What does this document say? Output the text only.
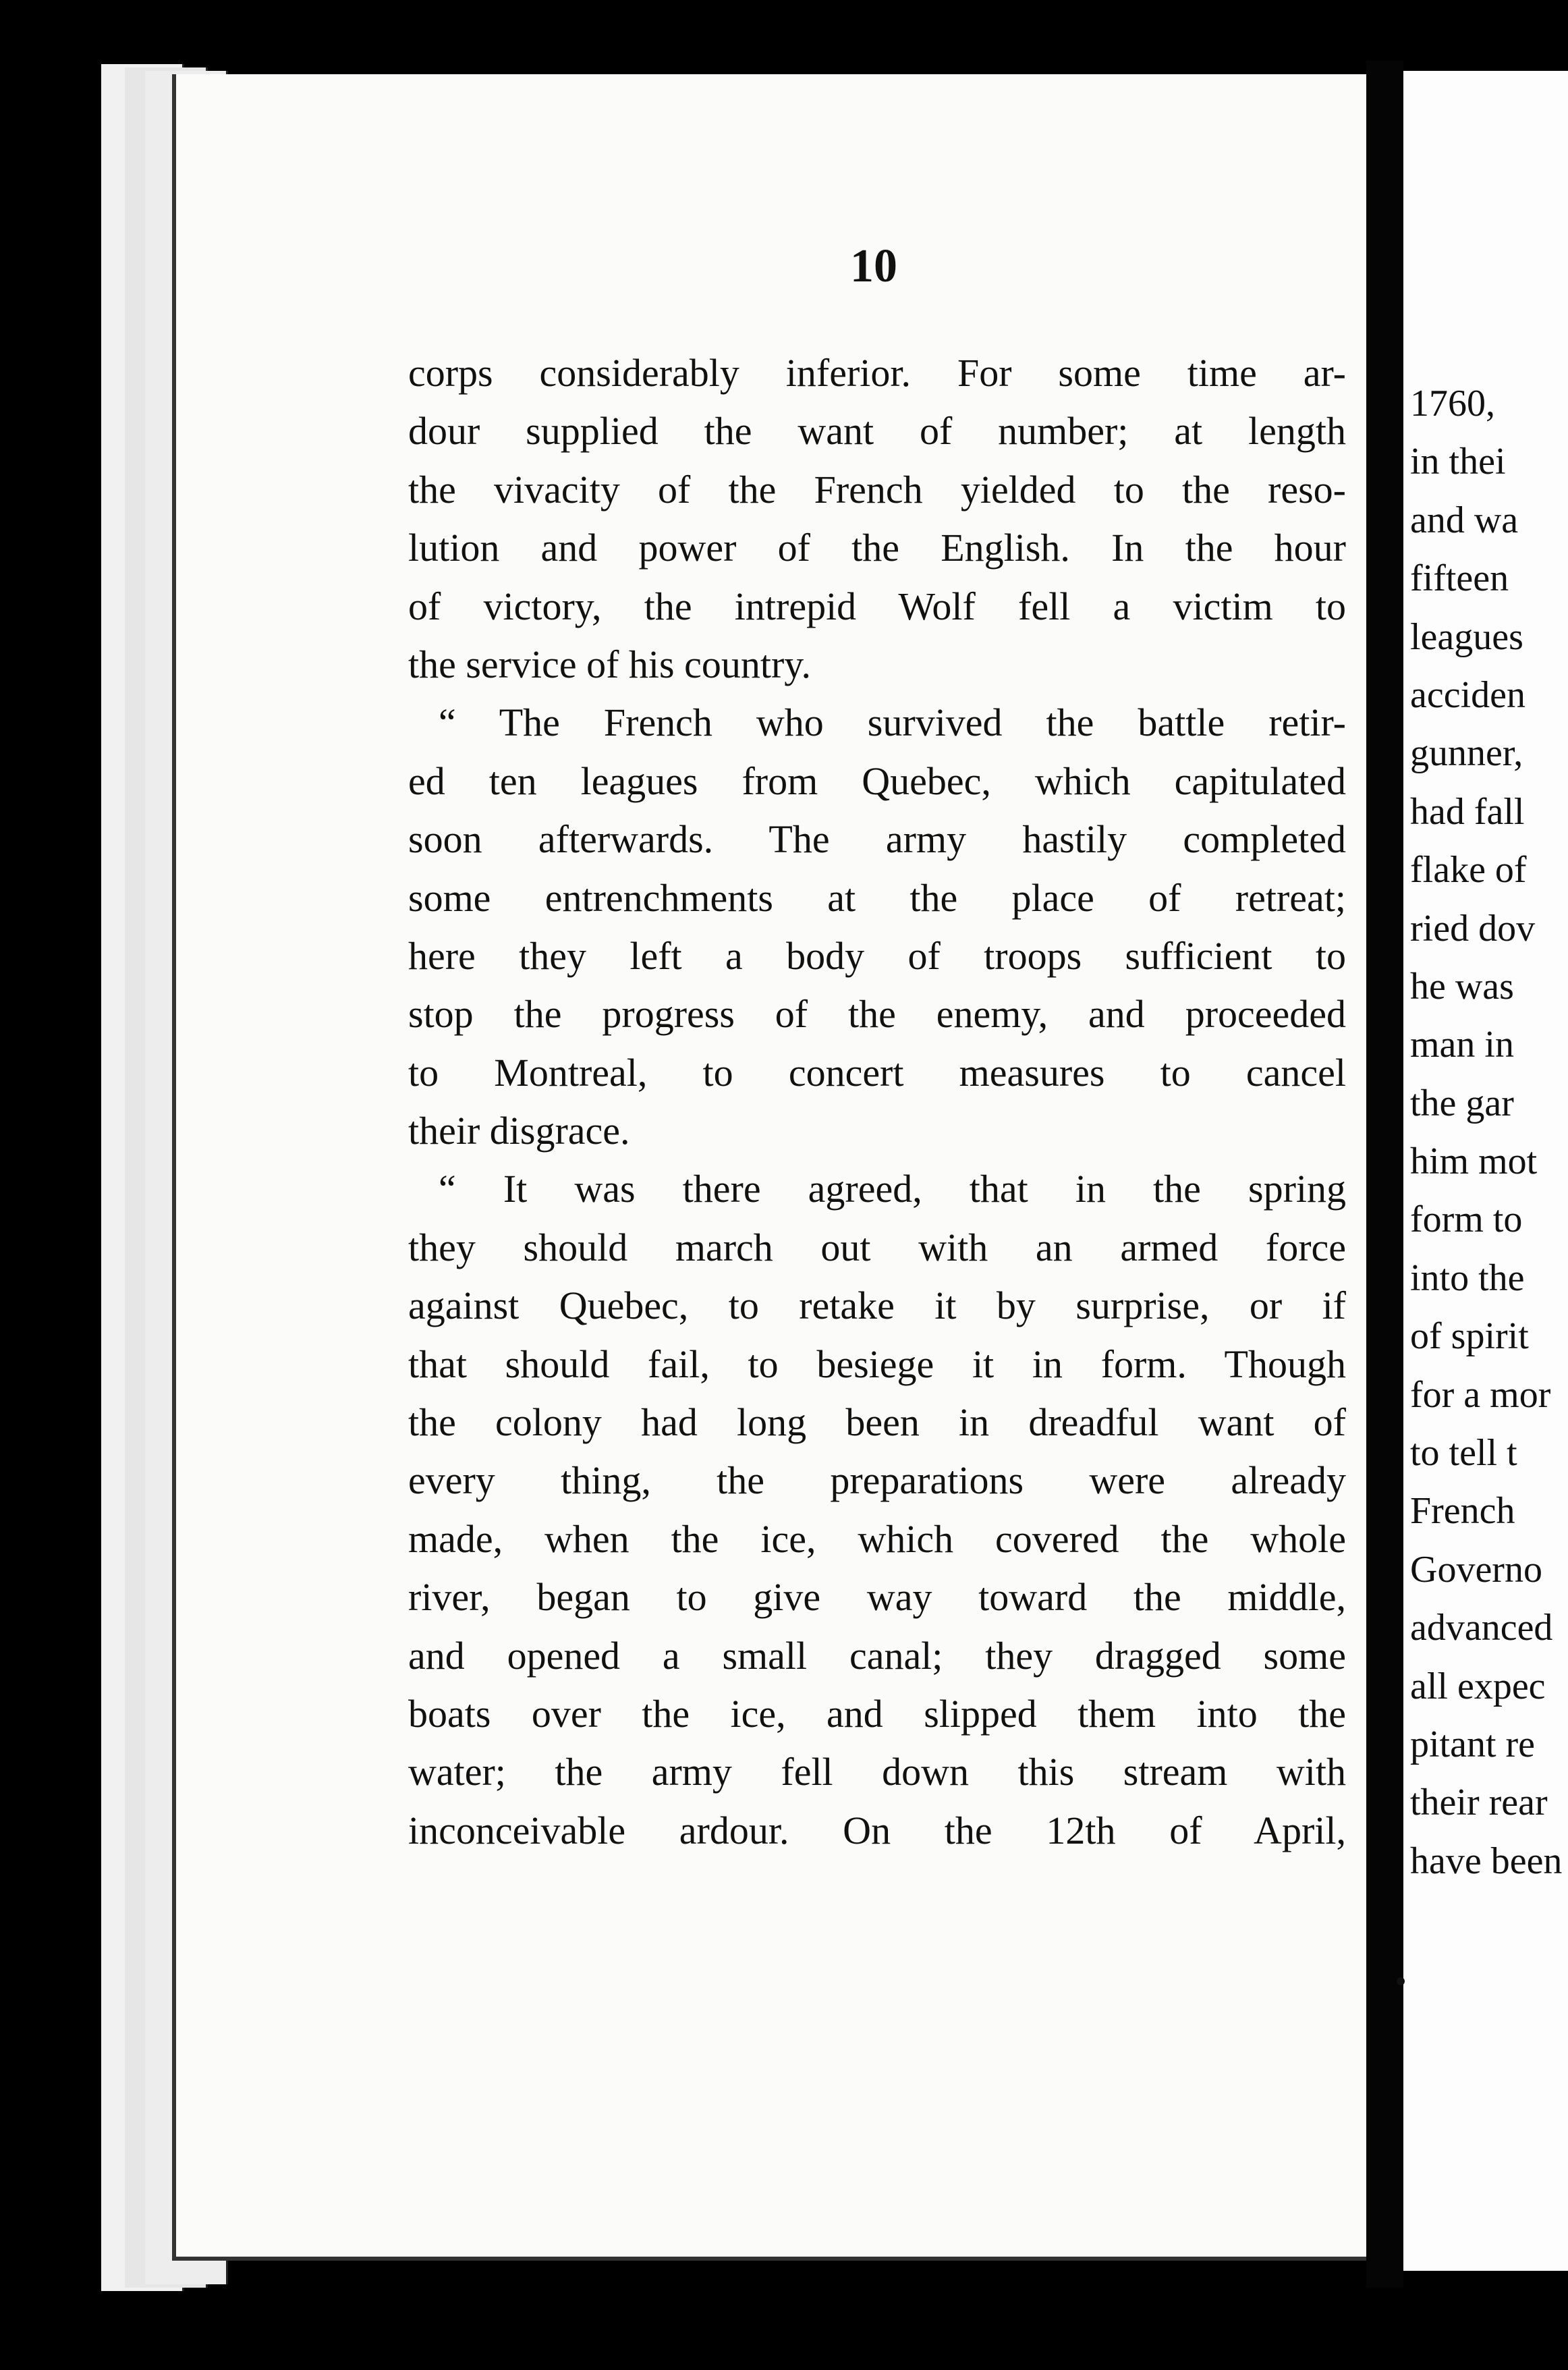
10
corps considerably inferior. For some time ar-
dour supplied the want of number; at length
the vivacity of the French yielded to the reso-
lution and power of the English. In the hour
of victory, the intrepid Wolf fell a victim to
the service of his country.
“ The French who survived the battle retir-
ed ten leagues from Quebec, which capitulated
soon afterwards. The army hastily completed
some entrenchments at the place of retreat;
here they left a body of troops sufficient to
stop the progress of the enemy, and proceeded
to Montreal, to concert measures to cancel
their disgrace.
“ It was there agreed, that in the spring
they should march out with an armed force
against Quebec, to retake it by surprise, or if
that should fail, to besiege it in form. Though
the colony had long been in dreadful want of
every thing, the preparations were already
made, when the ice, which covered the whole
river, began to give way toward the middle,
and opened a small canal; they dragged some
boats over the ice, and slipped them into the
water; the army fell down this stream with
inconceivable ardour. On the 12th of April,
1760,
in thei
and wa
fifteen
leagues
acciden
gunner,
had fall
flake of
ried dov
he was
man in
the gar
him mot
form to
into the
of spirit
for a mor
to tell t
French
Governo
advanced
all expec
pitant re
their rear
have been
